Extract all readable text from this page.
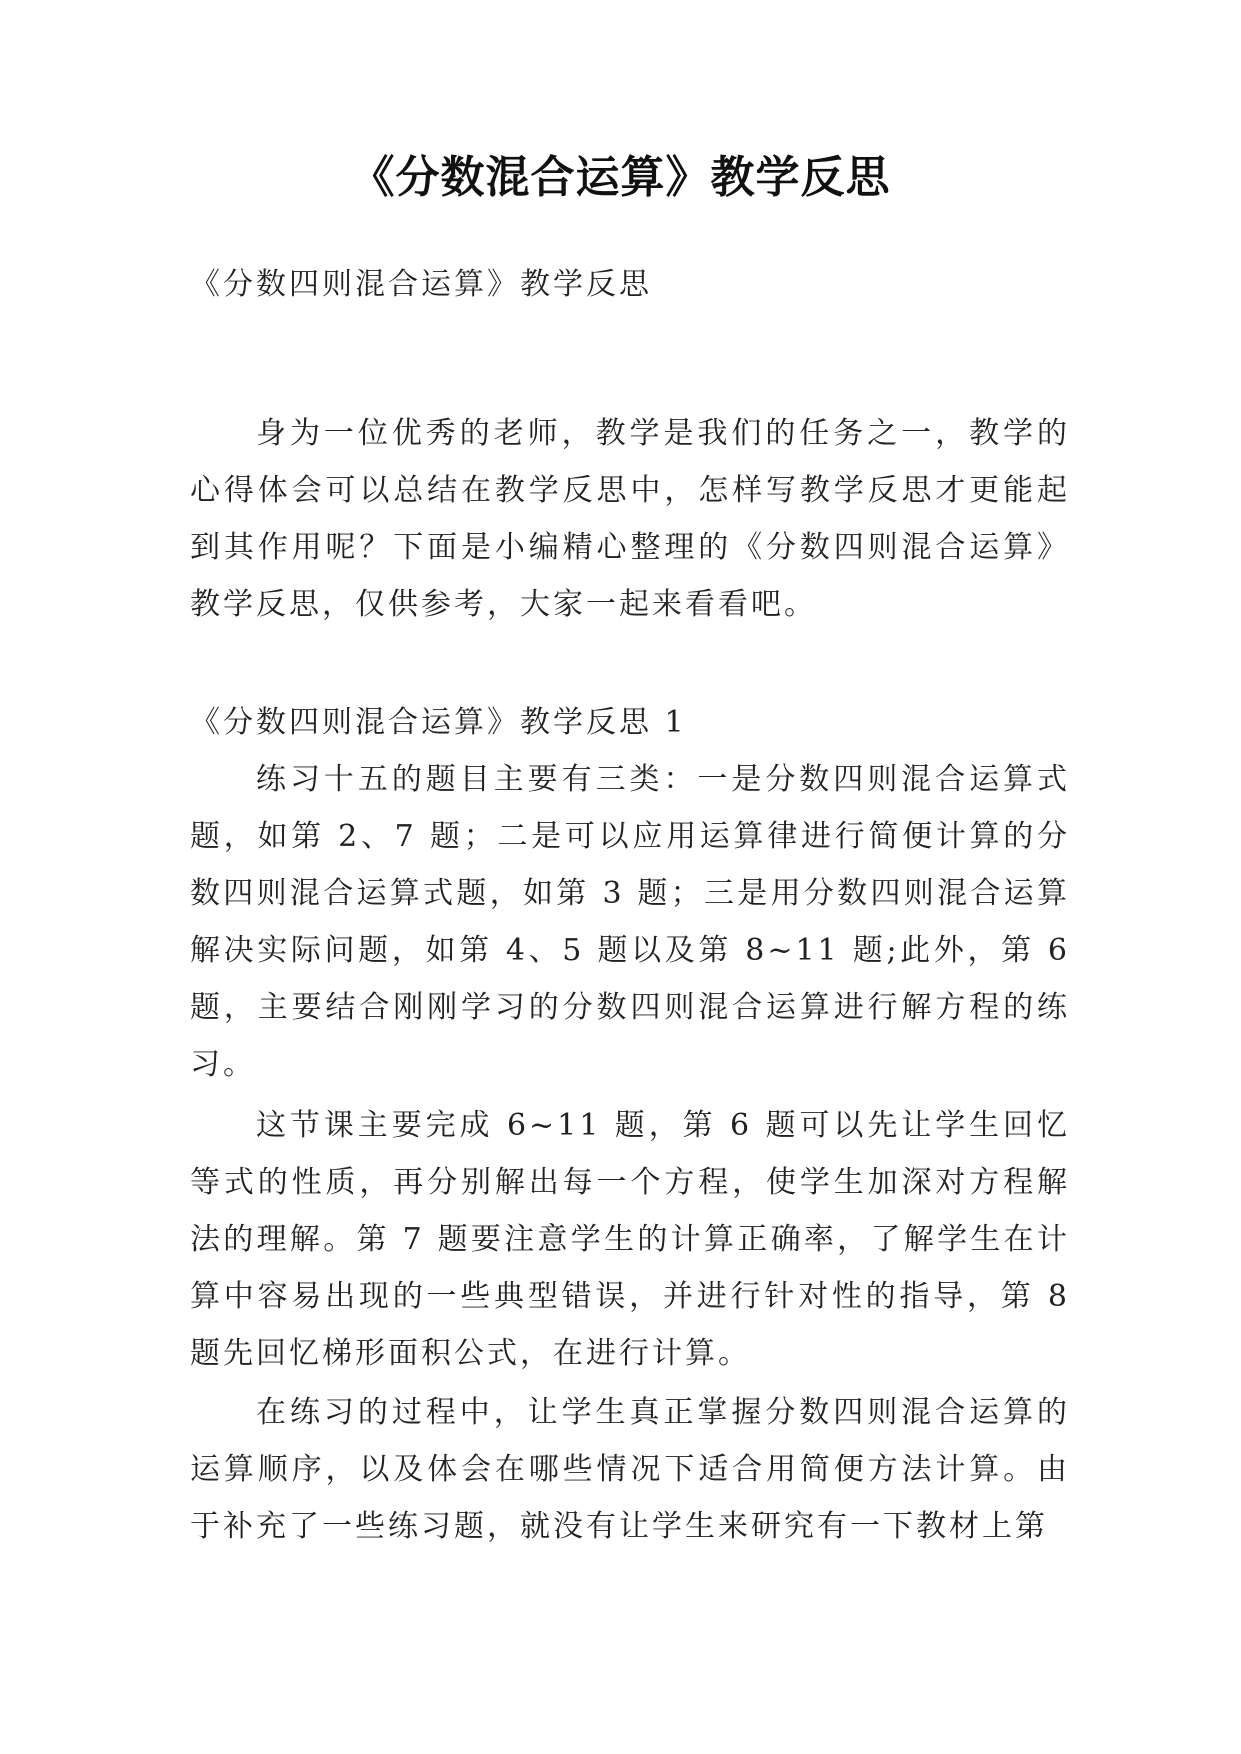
《分数混合运算》教学反思
《分数四则混合运算》教学反思

身为一位优秀的老师，教学是我们的任务之一，教学的心得体会可以总结在教学反思中，怎样写教学反思才更能起到其作用呢？下面是小编精心整理的《分数四则混合运算》教学反思，仅供参考，大家一起来看看吧。

《分数四则混合运算》教学反思 1

练习十五的题目主要有三类：一是分数四则混合运算式题，如第 2、7 题；二是可以应用运算律进行简便计算的分数四则混合运算式题，如第 3 题；三是用分数四则混合运算解决实际问题，如第 4、5 题以及第 8~11 题;此外，第 6 题，主要结合刚刚学习的分数四则混合运算进行解方程的练习。

这节课主要完成 6~11 题，第 6 题可以先让学生回忆等式的性质，再分别解出每一个方程，使学生加深对方程解法的理解。第 7 题要注意学生的计算正确率，了解学生在计算中容易出现的一些典型错误，并进行针对性的指导，第 8 题先回忆梯形面积公式，在进行计算。

在练习的过程中，让学生真正掌握分数四则混合运算的运算顺序，以及体会在哪些情况下适合用简便方法计算。由于补充了一些练习题，就没有让学生来研究有一下教材上第
